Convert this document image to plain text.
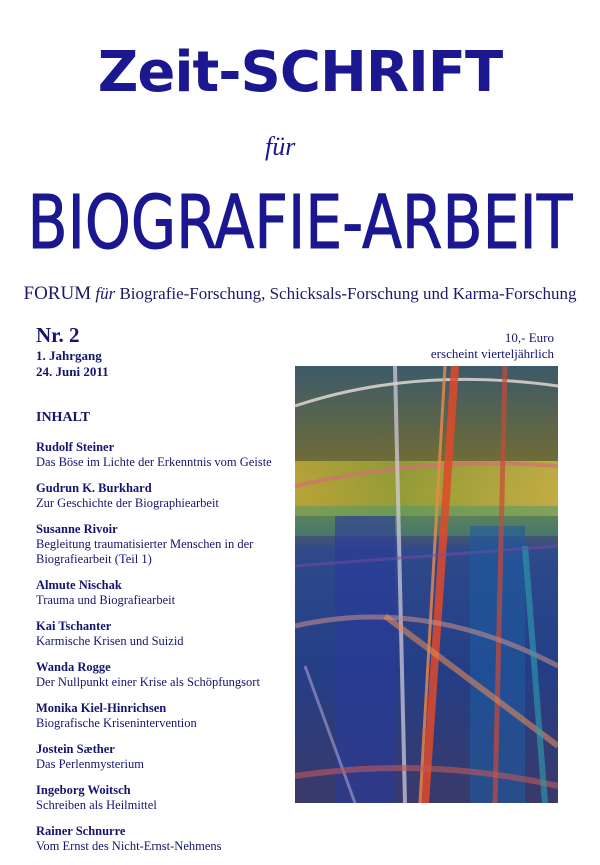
Zeit-SCHRIFT
für
BIOGRAFIE-ARBEIT
FORUM für Biografie-Forschung, Schicksals-Forschung und Karma-Forschung
Nr. 2
1. Jahrgang
24. Juni 2011
10,- Euro
erscheint vierteljährlich
INHALT
Rudolf Steiner
Das Böse im Lichte der Erkenntnis vom Geiste
Gudrun K. Burkhard
Zur Geschichte der Biographiearbeit
Susanne Rivoir
Begleitung traumatisierter Menschen in der Biografiearbeit (Teil 1)
Almute Nischak
Trauma und Biografiearbeit
Kai Tschanter
Karmische Krisen und Suizid
Wanda Rogge
Der Nullpunkt einer Krise als Schöpfungsort
Monika Kiel-Hinrichsen
Biografische Krisenintervention
Jostein Sæther
Das Perlenmysterium
Ingeborg Woitsch
Schreiben als Heilmittel
Rainer Schnurre
Vom Ernst des Nicht-Ernst-Nehmens
